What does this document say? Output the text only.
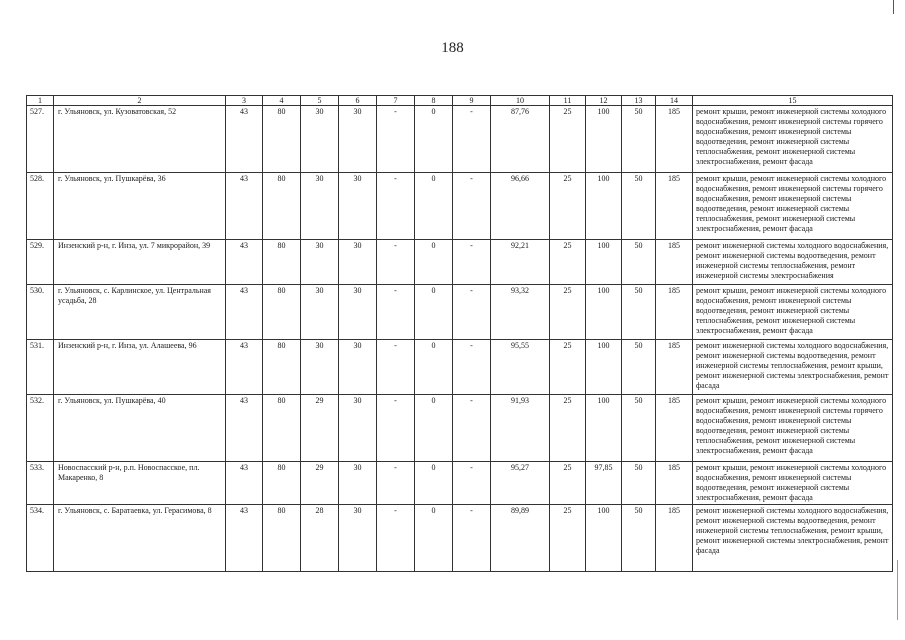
188
1	2	3	4	5	6	7	8	9	10	11	12	13	14	15
527.	г. Ульяновск, ул. Кузоватовская, 52	43	80	30	30	-	0	-	87,76	25	100	50	185	ремонт крыши, ремонт инженерной системы холодного водоснабжения, ремонт инженерной системы горячего водоснабжения, ремонт инженерной системы водоотведения, ремонт инженерной системы теплоснабжения, ремонт инженерной системы электроснабжения, ремонт фасада
528.	г. Ульяновск, ул. Пушкарёва, 36	43	80	30	30	-	0	-	96,66	25	100	50	185	ремонт крыши, ремонт инженерной системы холодного водоснабжения, ремонт инженерной системы горячего водоснабжения, ремонт инженерной системы водоотведения, ремонт инженерной системы теплоснабжения, ремонт инженерной системы электроснабжения, ремонт фасада
529.	Инзенский р-н, г. Инза, ул. 7 микрорайон, 39	43	80	30	30	-	0	-	92,21	25	100	50	185	ремонт инженерной системы холодного водоснабжения, ремонт инженерной системы водоотведения, ремонт инженерной системы теплоснабжения, ремонт инженерной системы электроснабжения
530.	г. Ульяновск, с. Карлинское, ул. Центральная усадьба, 28	43	80	30	30	-	0	-	93,32	25	100	50	185	ремонт крыши, ремонт инженерной системы холодного водоснабжения, ремонт инженерной системы водоотведения, ремонт инженерной системы теплоснабжения, ремонт инженерной системы электроснабжения, ремонт фасада
531.	Инзенский р-н, г. Инза, ул. Алашеева, 96	43	80	30	30	-	0	-	95,55	25	100	50	185	ремонт инженерной системы холодного водоснабжения, ремонт инженерной системы водоотведения, ремонт инженерной системы теплоснабжения, ремонт крыши, ремонт инженерной системы электроснабжения, ремонт фасада
532.	г. Ульяновск, ул. Пушкарёва, 40	43	80	29	30	-	0	-	91,93	25	100	50	185	ремонт крыши, ремонт инженерной системы холодного водоснабжения, ремонт инженерной системы горячего водоснабжения, ремонт инженерной системы водоотведения, ремонт инженерной системы теплоснабжения, ремонт инженерной системы электроснабжения, ремонт фасада
533.	Новоспасский р-н, р.п. Новоспасское, пл. Макаренко, 8	43	80	29	30	-	0	-	95,27	25	97,85	50	185	ремонт крыши, ремонт инженерной системы холодного водоснабжения, ремонт инженерной системы водоотведения, ремонт инженерной системы электроснабжения, ремонт фасада
534.	г. Ульяновск, с. Баратаевка, ул. Герасимова, 8	43	80	28	30	-	0	-	89,89	25	100	50	185	ремонт инженерной системы холодного водоснабжения, ремонт инженерной системы водоотведения, ремонт инженерной системы теплоснабжения, ремонт крыши, ремонт инженерной системы электроснабжения, ремонт фасада
